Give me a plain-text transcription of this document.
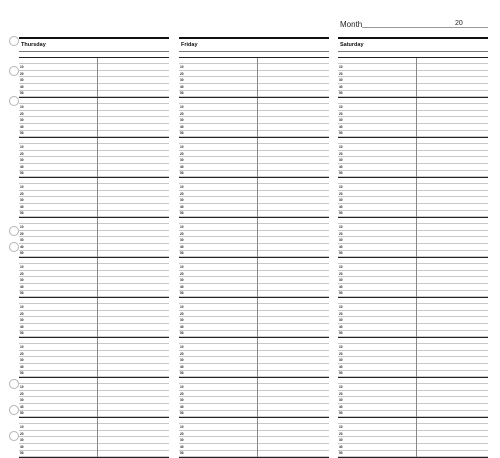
Month	20
Thursday
10
20
30
40
50
10
20
30
40
50
10
20
30
40
50
10
20
30
40
50
10
20
30
40
50
10
20
30
40
50
10
20
30
40
50
10
20
30
40
50
10
20
30
40
50
10
20
30
40
50
Friday
10
20
30
40
50
10
20
30
40
50
10
20
30
40
50
10
20
30
40
50
10
20
30
40
50
10
20
30
40
50
10
20
30
40
50
10
20
30
40
50
10
20
30
40
50
10
20
30
40
50
Saturday
10
20
30
40
50
10
20
30
40
50
10
20
30
40
50
10
20
30
40
50
10
20
30
40
50
10
20
30
40
50
10
20
30
40
50
10
20
30
40
50
10
20
30
40
50
10
20
30
40
50
